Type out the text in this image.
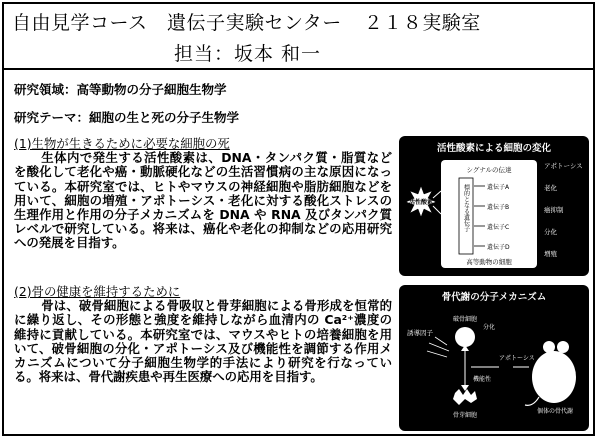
自由見学コース　遺伝子実験センター ２１８実験室
担当：坂本 和一
研究領域：高等動物の分子細胞生物学
研究テーマ：細胞の生と死の分子生物学
(1)生物が生きるために必要な細胞の死

生体内で発生する活性酸素は、DNA・タンパク質・脂質などを酸化して老化や癌・動脈硬化などの生活習慣病の主な原因になっている。本研究室では、ヒトやマウスの神経細胞や脂肪細胞などを用いて、細胞の増殖・アポトーシス・老化に対する酸化ストレスの生理作用と作用の分子メカニズムを DNA や RNA 及びタンパク質レベルで研究している。将来は、癌化や老化の抑制などの応用研究への発展を目指す。

(2)骨の健康を維持するために

骨は、破骨細胞による骨吸収と骨芽細胞による骨形成を恒常的に繰り返し、その形態と強度を維持しながら血清内の Ca²⁺濃度の維持に貢献している。本研究室では、マウスやヒトの培養細胞を用いて、破骨細胞の分化・アポトーシス及び機能性を調節する作用メカニズムについて分子細胞生物学的手法により研究を行なっている。将来は、骨代謝疾患や再生医療への応用を目指す。

活性酸素による細胞の変化
活性酸素
シグナルの伝達
標的となる遺伝子	遺伝子A
遺伝子B
遺伝子C
遺伝子D
高等動物の細胞
アポトーシス
老化
癌抑制
分化
増殖
骨代謝の分子メカニズム
誘導因子
破骨細胞
分化
アポトーシス
機能性
骨芽細胞
個体の骨代謝
